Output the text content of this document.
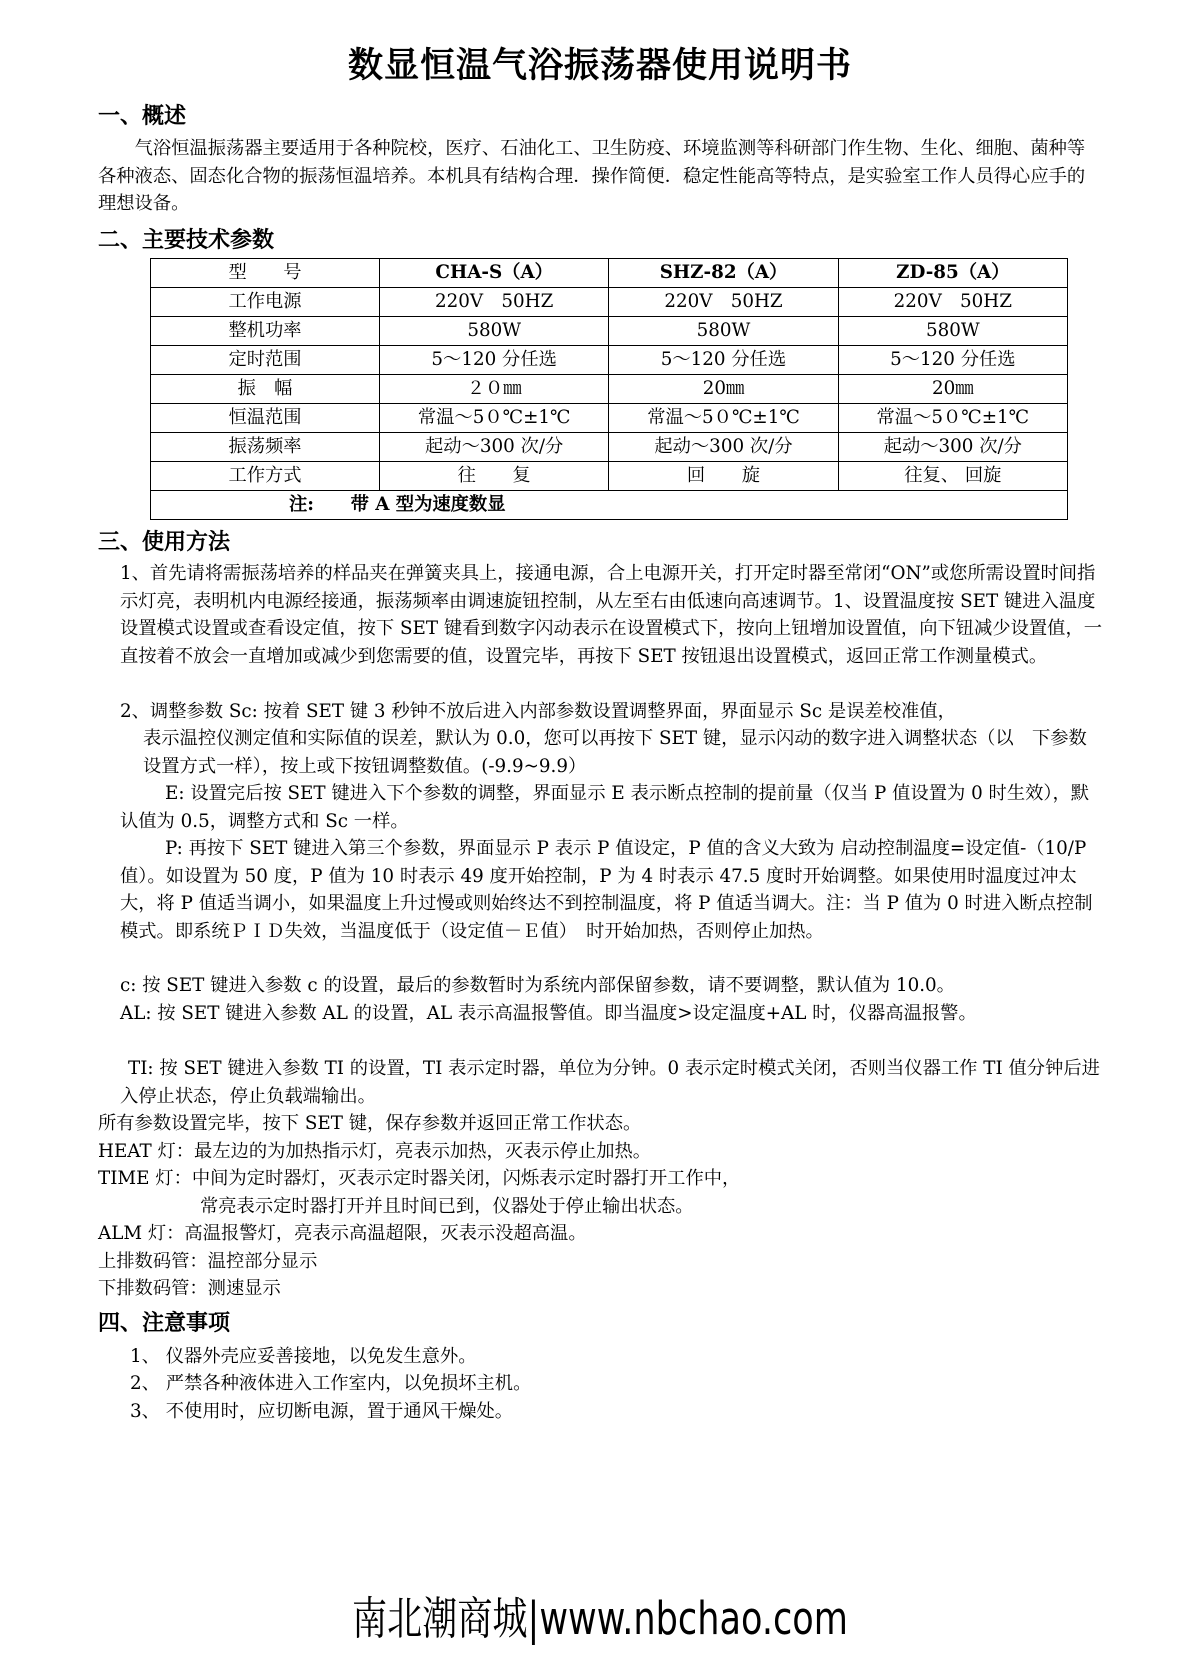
数显恒温气浴振荡器使用说明书
一、概述

气浴恒温振荡器主要适用于各种院校，医疗、石油化工、卫生防疫、环境监测等科研部门作生物、生化、细胞、菌种等各种液态、固态化合物的振荡恒温培养。本机具有结构合理．操作简便．稳定性能高等特点，是实验室工作人员得心应手的理想设备。

二、主要技术参数
型　　号	CHA-S（A）	SHZ-82（A）	ZD-85（A）
工作电源	220V　50HZ	220V　50HZ	220V　50HZ
整机功率	580W	580W	580W
定时范围	5～120 分任选	5～120 分任选	5～120 分任选
振　幅	２０㎜	20㎜	20㎜
恒温范围	常温～5０℃±1℃	常温～5０℃±1℃	常温～5０℃±1℃
振荡频率	起动～300 次/分	起动～300 次/分	起动～300 次/分
工作方式	往　　复	回　　旋	往复、 回旋
注:　　带 A 型为速度数显			
三、使用方法

1、首先请将需振荡培养的样品夹在弹簧夹具上，接通电源，合上电源开关，打开定时器至常闭“ON”或您所需设置时间指示灯亮，表明机内电源经接通，振荡频率由调速旋钮控制，从左至右由低速向高速调节。1、设置温度按 SET 键进入温度设置模式设置或查看设定值，按下 SET 键看到数字闪动表示在设置模式下，按向上钮增加设置值，向下钮减少设置值，一直按着不放会一直增加或减少到您需要的值，设置完毕，再按下 SET 按钮退出设置模式，返回正常工作测量模式。

2、调整参数 Sc: 按着 SET 键 3 秒钟不放后进入内部参数设置调整界面，界面显示 Sc 是误差校准值，

表示温控仪测定值和实际值的误差，默认为 0.0，您可以再按下 SET 键，显示闪动的数字进入调整状态（以　下参数设置方式一样），按上或下按钮调整数值。(-9.9~9.9）

E: 设置完后按 SET 键进入下个参数的调整，界面显示 E 表示断点控制的提前量（仅当 P 值设置为 0 时生效），默认值为 0.5，调整方式和 Sc 一样。

P: 再按下 SET 键进入第三个参数，界面显示 P 表示 P 值设定，P 值的含义大致为 启动控制温度=设定值-（10/P 值）。如设置为 50 度，P 值为 10 时表示 49 度开始控制，P 为 4 时表示 47.5 度时开始调整。如果使用时温度过冲太大，将 P 值适当调小，如果温度上升过慢或则始终达不到控制温度，将 P 值适当调大。注：当 P 值为 0 时进入断点控制模式。即系统ＰＩＤ失效，当温度低于（设定值－Ｅ值）　时开始加热，否则停止加热。

c: 按 SET 键进入参数 c 的设置，最后的参数暂时为系统内部保留参数，请不要调整，默认值为 10.0。

AL: 按 SET 键进入参数 AL 的设置，AL 表示高温报警值。即当温度>设定温度+AL 时，仪器高温报警。

TI: 按 SET 键进入参数 TI 的设置，TI 表示定时器，单位为分钟。0 表示定时模式关闭，否则当仪器工作 TI 值分钟后进入停止状态，停止负载端输出。

所有参数设置完毕，按下 SET 键，保存参数并返回正常工作状态。
HEAT 灯：最左边的为加热指示灯，亮表示加热，灭表示停止加热。
TIME 灯：中间为定时器灯，灭表示定时器关闭，闪烁表示定时器打开工作中，
常亮表示定时器打开并且时间已到，仪器处于停止输出状态。
ALM 灯：高温报警灯，亮表示高温超限，灭表示没超高温。
上排数码管：温控部分显示
下排数码管：测速显示
四、注意事项
1、 仪器外壳应妥善接地，以免发生意外。
2、 严禁各种液体进入工作室内，以免损坏主机。
3、 不使用时，应切断电源，置于通风干燥处。
南北潮商城|www.nbchao.com
